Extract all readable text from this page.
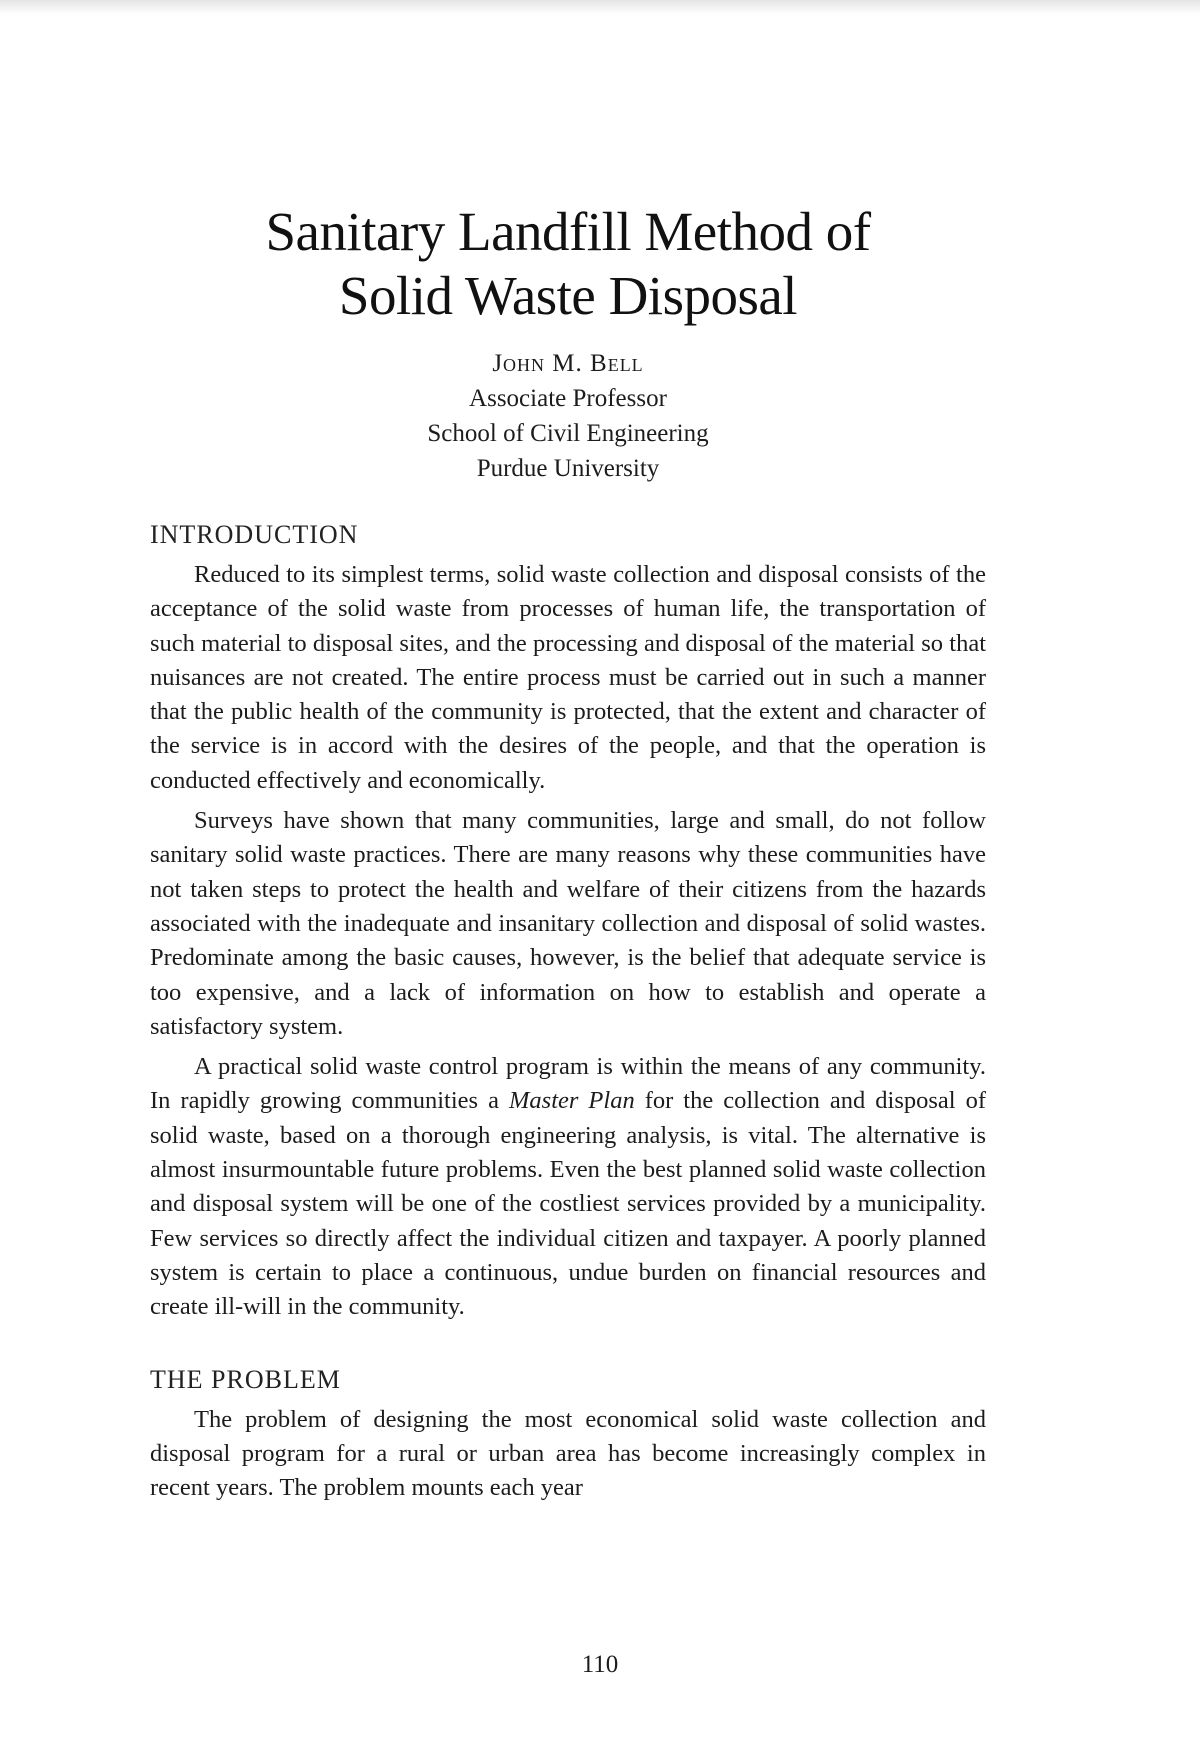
Sanitary Landfill Method of
Solid Waste Disposal
John M. Bell
Associate Professor
School of Civil Engineering
Purdue University
INTRODUCTION

Reduced to its simplest terms, solid waste collection and disposal consists of the acceptance of the solid waste from processes of human life, the transportation of such material to disposal sites, and the processing and disposal of the material so that nuisances are not created. The entire process must be carried out in such a manner that the public health of the community is protected, that the extent and character of the service is in accord with the desires of the people, and that the operation is conducted effectively and economically.

Surveys have shown that many communities, large and small, do not follow sanitary solid waste practices. There are many reasons why these communities have not taken steps to protect the health and welfare of their citizens from the hazards associated with the inadequate and insanitary collection and disposal of solid wastes. Predominate among the basic causes, however, is the belief that adequate service is too expensive, and a lack of information on how to establish and operate a satisfactory system.

A practical solid waste control program is within the means of any community. In rapidly growing communities a Master Plan for the collection and disposal of solid waste, based on a thorough engineering analysis, is vital. The alternative is almost insurmountable future problems. Even the best planned solid waste collection and disposal system will be one of the costliest services provided by a municipality. Few services so directly affect the individual citizen and taxpayer. A poorly planned system is certain to place a continuous, undue burden on financial resources and create ill-will in the community.

THE PROBLEM

The problem of designing the most economical solid waste collection and disposal program for a rural or urban area has become increasingly complex in recent years. The problem mounts each year

110
